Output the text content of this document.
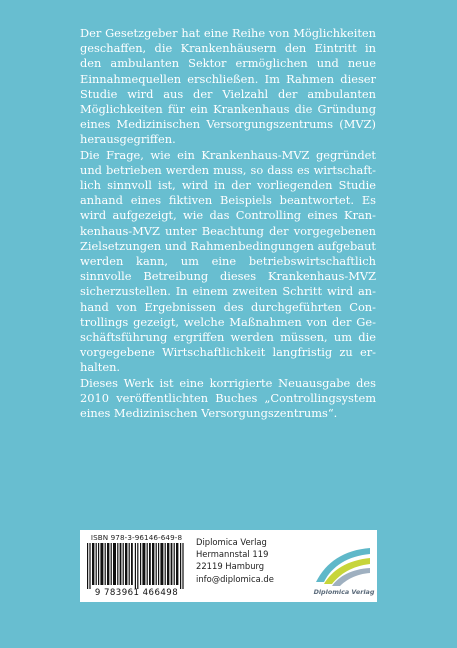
Der Gesetzgeber hat eine Reihe von Möglichkeiten geschaffen, die Krankenhäusern den Eintritt in den ambulanten Sektor ermöglichen und neue Einnahmequellen erschließen. Im Rahmen dieser Studie wird aus der Vielzahl der ambulanten Möglichkeiten für ein Krankenhaus die Gründung eines Medizinischen Versorgungszentrums (MVZ) herausgegriffen.

Die Frage, wie ein Krankenhaus-MVZ gegründet und betrieben werden muss, so dass es wirtschaftlich sinnvoll ist, wird in der vorliegenden Studie anhand eines fiktiven Beispiels beantwortet. Es wird aufgezeigt, wie das Controlling eines Krankenhaus-MVZ unter Beachtung der vorgegebenen Zielsetzungen und Rahmenbedingungen aufgebaut werden kann, um eine betriebswirtschaftlich sinnvolle Betreibung dieses Krankenhaus-MVZ sicherzustellen. In einem zweiten Schritt wird anhand von Ergebnissen des durchgeführten Controllings gezeigt, welche Maßnahmen von der Geschäftsführung ergriffen werden müssen, um die vorgegebene Wirtschaftlichkeit langfristig zu erhalten.

Dieses Werk ist eine korrigierte Neuausgabe des 2010 veröffentlichten Buches „Controllingsystem eines Medizinischen Versorgungszentrums“.

ISBN 978-3-96146-649-8
9 783961 466498
Diplomica Verlag
Hermannstal 119
22119 Hamburg
info@diplomica.de
Diplomica Verlag
